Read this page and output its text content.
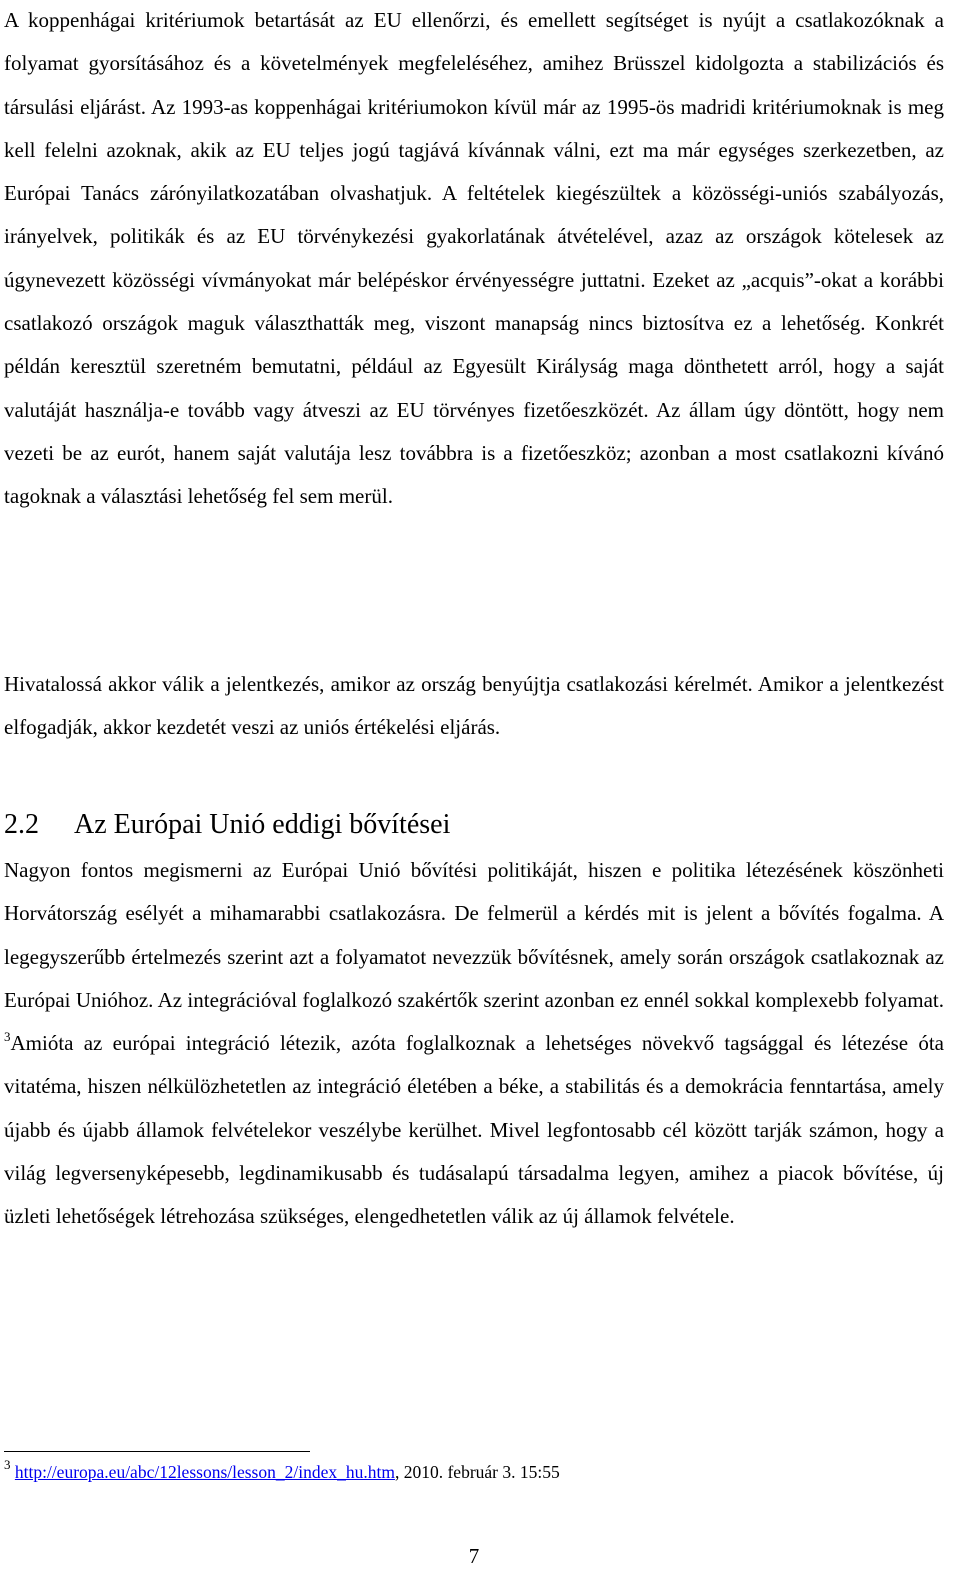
A koppenhágai kritériumok betartását az EU ellenőrzi, és emellett segítséget is nyújt a csatlakozóknak a folyamat gyorsításához és a követelmények megfeleléséhez, amihez Brüsszel kidolgozta a stabilizációs és társulási eljárást. Az 1993-as koppenhágai kritériumokon kívül már az 1995-ös madridi kritériumoknak is meg kell felelni azoknak, akik az EU teljes jogú tagjává kívánnak válni, ezt ma már egységes szerkezetben, az Európai Tanács zárónyilatkozatában olvashatjuk. A feltételek kiegészültek a közösségi-uniós szabályozás, irányelvek, politikák és az EU törvénykezési gyakorlatának átvételével, azaz az országok kötelesek az úgynevezett közösségi vívmányokat már belépéskor érvényességre juttatni. Ezeket az „acquis”-okat a korábbi csatlakozó országok maguk választhatták meg, viszont manapság nincs biztosítva ez a lehetőség. Konkrét példán keresztül szeretném bemutatni, például az Egyesült Királyság maga dönthetett arról, hogy a saját valutáját használja-e tovább vagy átveszi az EU törvényes fizetőeszközét. Az állam úgy döntött, hogy nem vezeti be az eurót, hanem saját valutája lesz továbbra is a fizetőeszköz; azonban a most csatlakozni kívánó tagoknak a választási lehetőség fel sem merül.

Hivatalossá akkor válik a jelentkezés, amikor az ország benyújtja csatlakozási kérelmét. Amikor a jelentkezést elfogadják, akkor kezdetét veszi az uniós értékelési eljárás.

2.2 Az Európai Unió eddigi bővítései

Nagyon fontos megismerni az Európai Unió bővítési politikáját, hiszen e politika létezésének köszönheti Horvátország esélyét a mihamarabbi csatlakozásra. De felmerül a kérdés mit is jelent a bővítés fogalma. A legegyszerűbb értelmezés szerint azt a folyamatot nevezzük bővítésnek, amely során országok csatlakoznak az Európai Unióhoz. Az integrációval foglalkozó szakértők szerint azonban ez ennél sokkal komplexebb folyamat. $^3$Amióta az európai integráció létezik, azóta foglalkoznak a lehetséges növekvő tagsággal és létezése óta vitatéma, hiszen nélkülözhetetlen az integráció életében a béke, a stabilitás és a demokrácia fenntartása, amely újabb és újabb államok felvételekor veszélybe kerülhet. Mivel legfontosabb cél között tarják számon, hogy a világ legversenyképesebb, legdinamikusabb és tudásalapú társadalma legyen, amihez a piacok bővítése, új üzleti lehetőségek létrehozása szükséges, elengedhetetlen válik az új államok felvétele.

$^3$ http://europa.eu/abc/12lessons/lesson_2/index_hu.htm, 2010. február 3. 15:55

7
